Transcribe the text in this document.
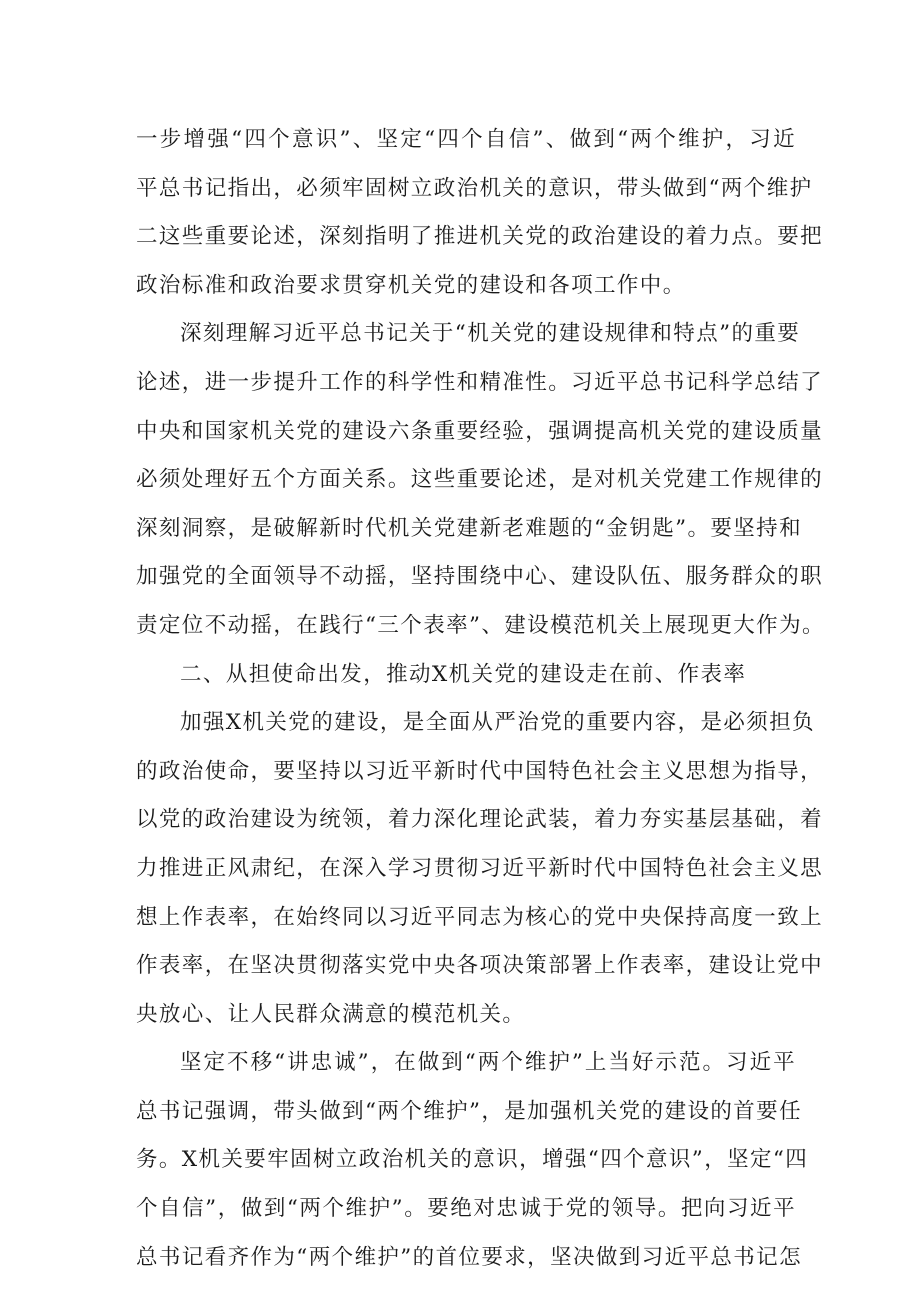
一步增强“四个意识”、坚定“四个自信”、做到“两个维护，习近
平总书记指出，必须牢固树立政治机关的意识，带头做到“两个维护
二这些重要论述，深刻指明了推进机关党的政治建设的着力点。要把
政治标准和政治要求贯穿机关党的建设和各项工作中。
深刻理解习近平总书记关于“机关党的建设规律和特点”的重要
论述，进一步提升工作的科学性和精准性。习近平总书记科学总结了
中央和国家机关党的建设六条重要经验，强调提高机关党的建设质量
必须处理好五个方面关系。这些重要论述，是对机关党建工作规律的
深刻洞察，是破解新时代机关党建新老难题的“金钥匙”。要坚持和
加强党的全面领导不动摇，坚持围绕中心、建设队伍、服务群众的职
责定位不动摇，在践行“三个表率”、建设模范机关上展现更大作为。
二、从担使命出发，推动X机关党的建设走在前、作表率
加强X机关党的建设，是全面从严治党的重要内容，是必须担负
的政治使命，要坚持以习近平新时代中国特色社会主义思想为指导，
以党的政治建设为统领，着力深化理论武装，着力夯实基层基础，着
力推进正风肃纪，在深入学习贯彻习近平新时代中国特色社会主义思
想上作表率，在始终同以习近平同志为核心的党中央保持高度一致上
作表率，在坚决贯彻落实党中央各项决策部署上作表率，建设让党中
央放心、让人民群众满意的模范机关。
坚定不移“讲忠诚”，在做到“两个维护”上当好示范。习近平
总书记强调，带头做到“两个维护”，是加强机关党的建设的首要任
务。X机关要牢固树立政治机关的意识，增强“四个意识”，坚定“四
个自信”，做到“两个维护”。要绝对忠诚于党的领导。把向习近平
总书记看齐作为“两个维护”的首位要求，坚决做到习近平总书记怎
